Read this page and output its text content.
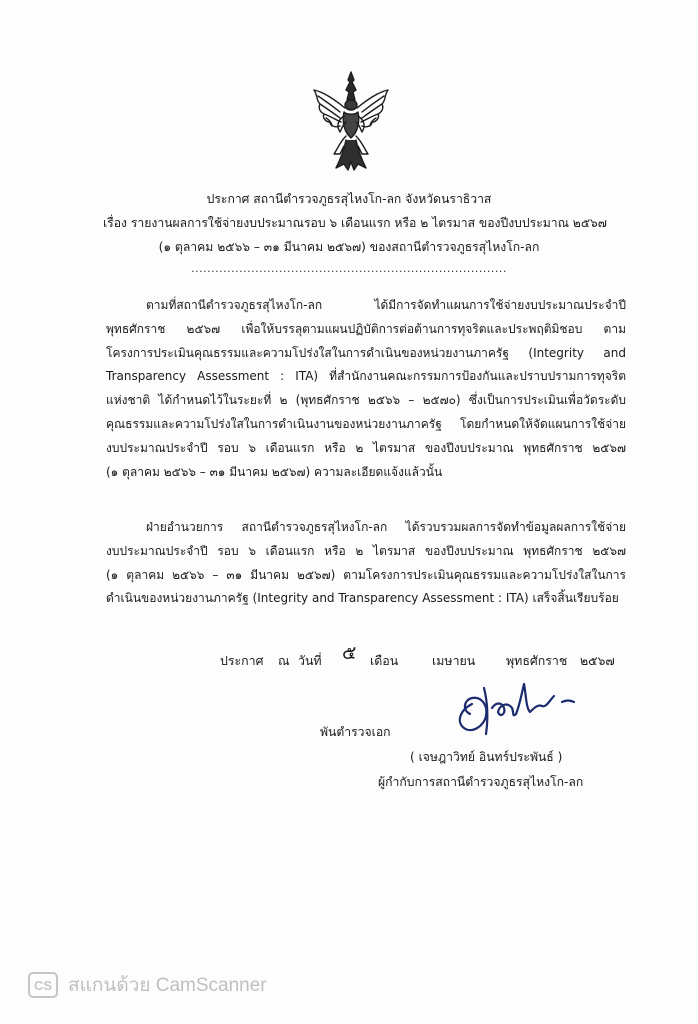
ประกาศ สถานีตำรวจภูธรสุไหงโก-ลก จังหวัดนราธิวาส
เรื่อง รายงานผลการใช้จ่ายงบประมาณรอบ ๖ เดือนแรก หรือ ๒ ไตรมาส ของปีงบประมาณ ๒๕๖๗
(๑ ตุลาคม ๒๕๖๖ – ๓๑ มีนาคม ๒๕๖๗) ของสถานีตำรวจภูธรสุไหงโก-ลก
...............................................................................
ตามที่สถานีตำรวจภูธรสุไหงโก-ลก ได้มีการจัดทำแผนการใช้จ่ายงบประมาณประจำปี
พุทธศักราช ๒๕๖๗ เพื่อให้บรรลุตามแผนปฏิบัติการต่อต้านการทุจริตและประพฤติมิชอบ ตาม
โครงการประเมินคุณธรรมและความโปร่งใสในการดำเนินของหน่วยงานภาครัฐ (Integrity and
Transparency Assessment : ITA) ที่สำนักงานคณะกรรมการป้องกันและปราบปรามการทุจริต
แห่งชาติ ได้กำหนดไว้ในระยะที่ ๒ (พุทธศักราช ๒๕๖๖ – ๒๕๗๐) ซึ่งเป็นการประเมินเพื่อวัดระดับ
คุณธรรมและความโปร่งใสในการดำเนินงานของหน่วยงานภาครัฐ โดยกำหนดให้จัดแผนการใช้จ่าย
งบประมาณประจำปี รอบ ๖ เดือนแรก หรือ ๒ ไตรมาส ของปีงบประมาณ พุทธศักราช ๒๕๖๗
(๑ ตุลาคม ๒๕๖๖ – ๓๑ มีนาคม ๒๕๖๗) ความละเอียดแจ้งแล้วนั้น
ฝ่ายอำนวยการ สถานีตำรวจภูธรสุไหงโก-ลก ได้รวบรวมผลการจัดทำข้อมูลผลการใช้จ่าย
งบประมาณประจำปี รอบ ๖ เดือนแรก หรือ ๒ ไตรมาส ของปีงบประมาณ พุทธศักราช ๒๕๖๗
(๑ ตุลาคม ๒๕๖๖ – ๓๑ มีนาคม ๒๕๖๗) ตามโครงการประเมินคุณธรรมและความโปร่งใสในการ
ดำเนินของหน่วยงานภาครัฐ (Integrity and Transparency Assessment : ITA) เสร็จสิ้นเรียบร้อย
ประกาศ ณ วันที่ ๕ เดือน	เมษายน พุทธศักราช ๒๕๖๗
พันตำรวจเอก
( เจษฎาวิทย์ อินทร์ประพันธ์ )
ผู้กำกับการสถานีตำรวจภูธรสุไหงโก-ลก
CS สแกนด้วย CamScanner
